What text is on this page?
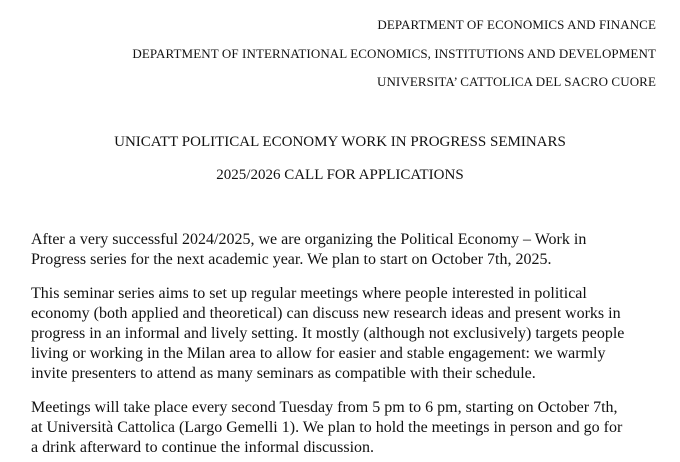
DEPARTMENT OF ECONOMICS AND FINANCE

DEPARTMENT OF INTERNATIONAL ECONOMICS, INSTITUTIONS AND DEVELOPMENT

UNIVERSITA’ CATTOLICA DEL SACRO CUORE

UNICATT POLITICAL ECONOMY WORK IN PROGRESS SEMINARS

2025/2026 CALL FOR APPLICATIONS

After a very successful 2024/2025, we are organizing the Political Economy – Work in
Progress series for the next academic year. We plan to start on October 7th, 2025.
This seminar series aims to set up regular meetings where people interested in political
economy (both applied and theoretical) can discuss new research ideas and present works in
progress in an informal and lively setting. It mostly (although not exclusively) targets people
living or working in the Milan area to allow for easier and stable engagement: we warmly
invite presenters to attend as many seminars as compatible with their schedule.
Meetings will take place every second Tuesday from 5 pm to 6 pm, starting on October 7th,
at Università Cattolica (Largo Gemelli 1). We plan to hold the meetings in person and go for
a drink afterward to continue the informal discussion.
